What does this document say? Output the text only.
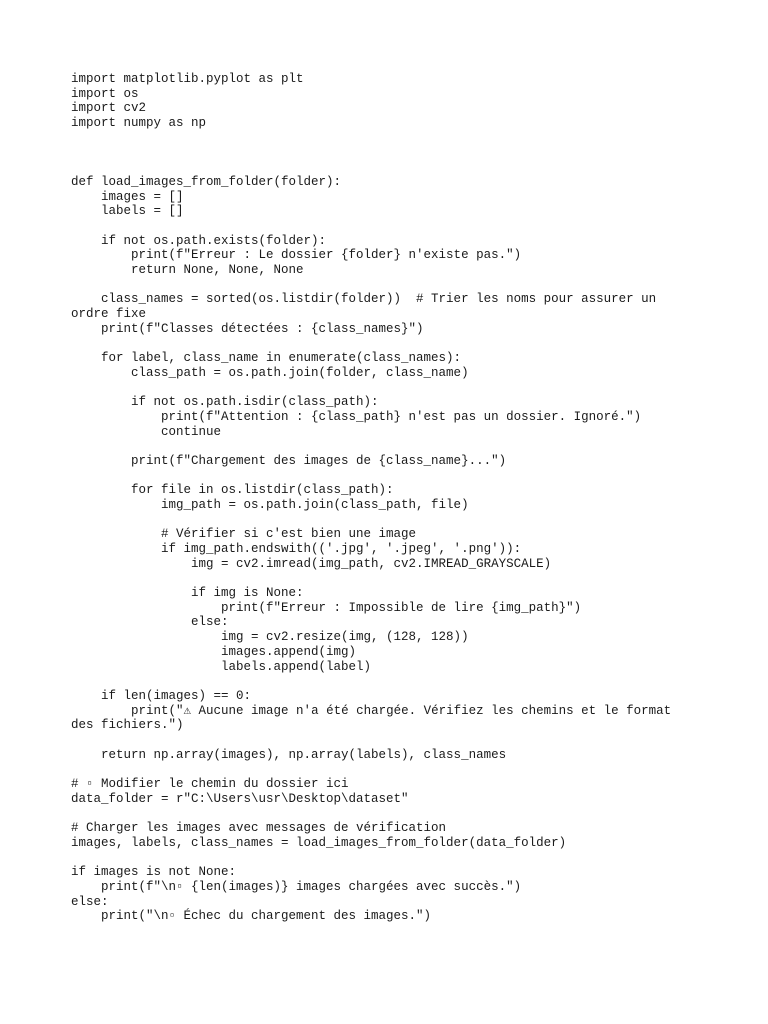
import matplotlib.pyplot as plt
import os
import cv2
import numpy as np
def load_images_from_folder(folder):
images = []
labels = []
if not os.path.exists(folder):
print(f"Erreur : Le dossier {folder} n'existe pas.")
return None, None, None
class_names = sorted(os.listdir(folder))  # Trier les noms pour assurer un
ordre fixe
print(f"Classes détectées : {class_names}")
for label, class_name in enumerate(class_names):
class_path = os.path.join(folder, class_name)
if not os.path.isdir(class_path):
print(f"Attention : {class_path} n'est pas un dossier. Ignoré.")
continue
print(f"Chargement des images de {class_name}...")
for file in os.listdir(class_path):
img_path = os.path.join(class_path, file)
# Vérifier si c'est bien une image
if img_path.endswith(('.jpg', '.jpeg', '.png')):
img = cv2.imread(img_path, cv2.IMREAD_GRAYSCALE)
if img is None:
print(f"Erreur : Impossible de lire {img_path}")
else:
img = cv2.resize(img, (128, 128))
images.append(img)
labels.append(label)
if len(images) == 0:
print("⚠ Aucune image n'a été chargée. Vérifiez les chemins et le format
des fichiers.")
return np.array(images), np.array(labels), class_names
# ▫ Modifier le chemin du dossier ici
data_folder = r"C:\Users\usr\Desktop\dataset"
# Charger les images avec messages de vérification
images, labels, class_names = load_images_from_folder(data_folder)
if images is not None:
print(f"\n▫ {len(images)} images chargées avec succès.")
else:
print("\n▫ Échec du chargement des images.")
